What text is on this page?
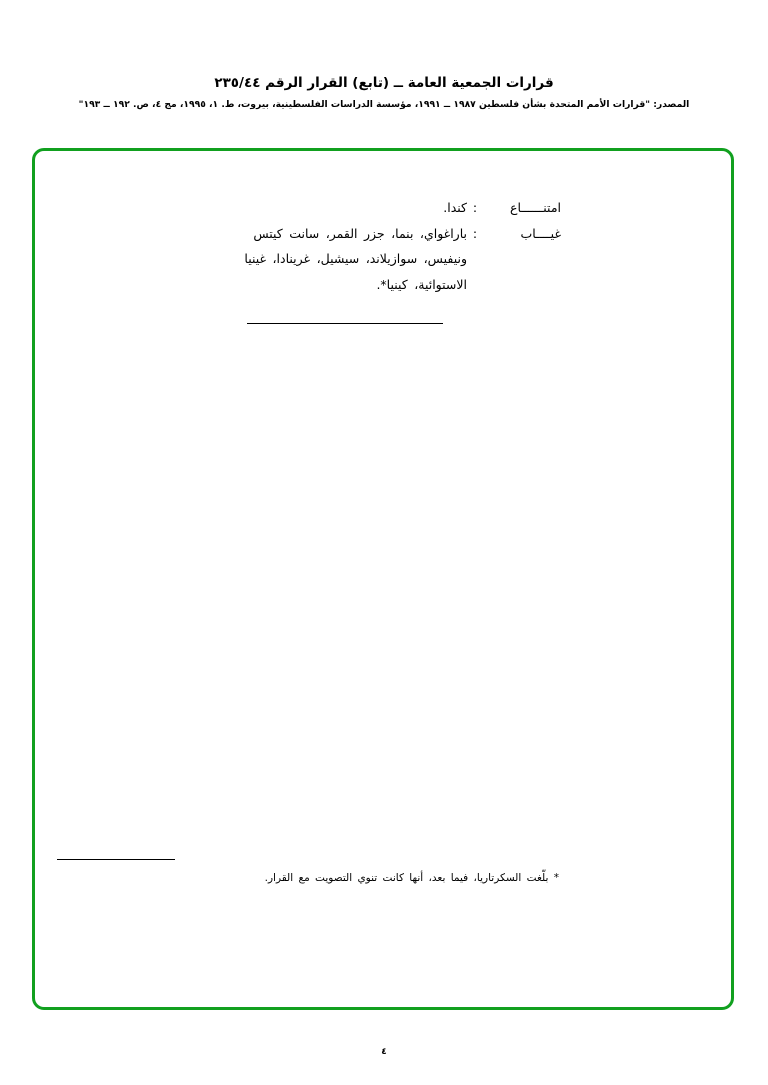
قرارات الجمعية العامة ــ (تابع) القرار الرقم ٢٣٥/٤٤
المصدر: "قرارات الأمم المتحدة بشأن فلسطين ١٩٨٧ ــ ١٩٩١، مؤسسة الدراسات الفلسطينية، بيروت، ط. ١، ١٩٩٥، مج ٤، ص. ١٩٢ ــ ١٩٣"
امتنــــــاع
:
كندا.
غيــــاب
:
باراغواي، بنما، جزر القمر، سانت كيتس
ونيفيس، سوازيلاند، سيشيل، غرينادا، غينيا
الاستوائية، كينيا*.
* بلّغت السكرتاريا، فيما بعد، أنها كانت تنوي التصويت مع القرار.
٤
